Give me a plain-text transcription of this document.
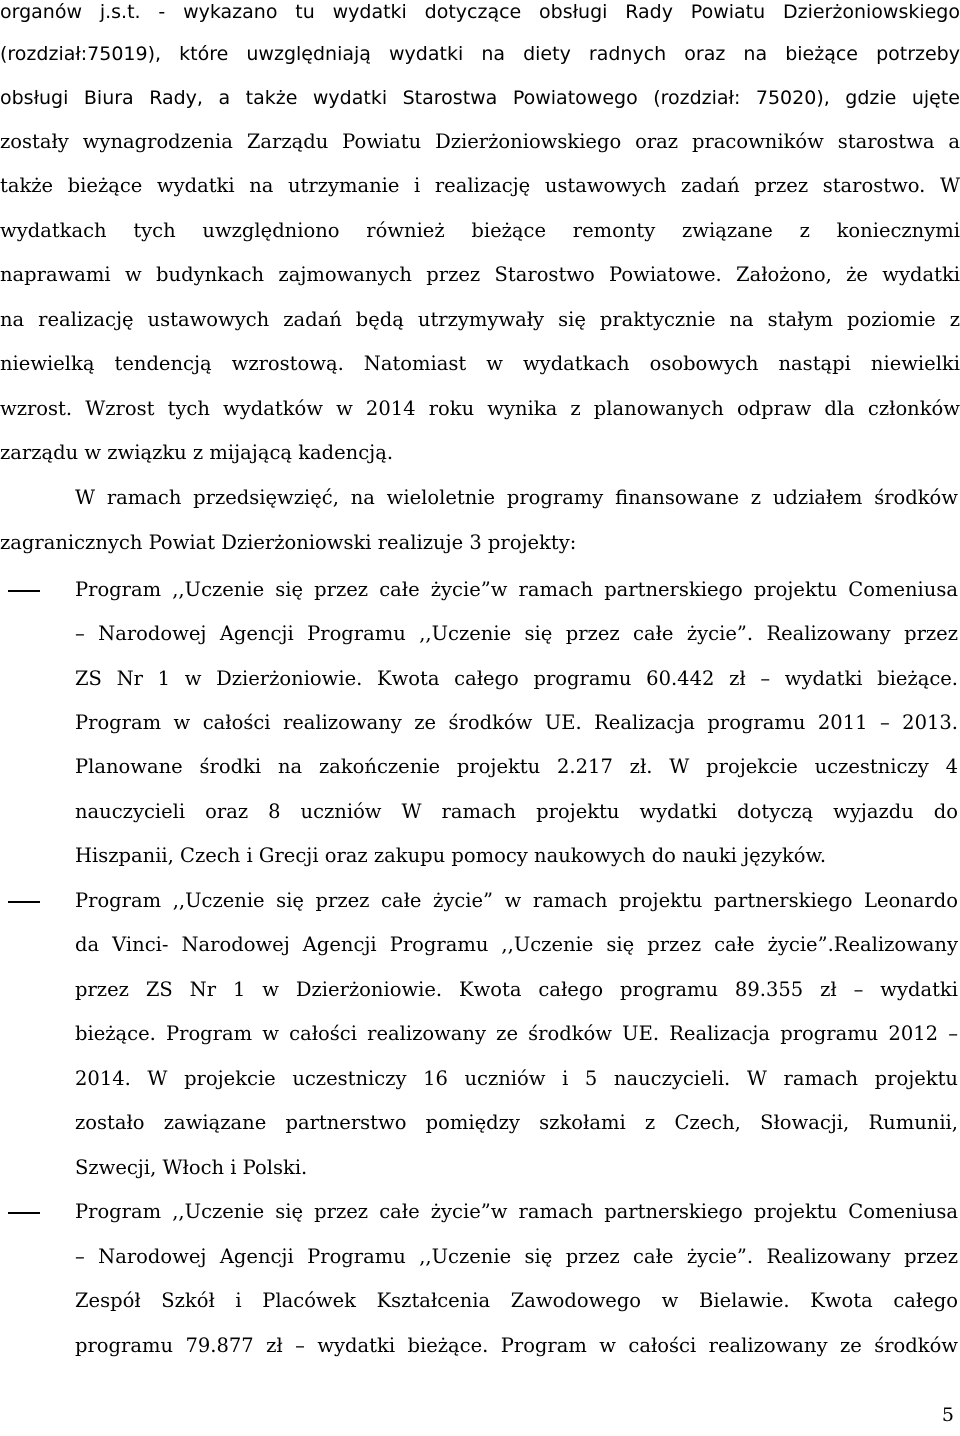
organów j.s.t. - wykazano tu wydatki dotyczące obsługi Rady Powiatu Dzierżoniowskiego

(rozdział:75019), które uwzględniają wydatki na diety radnych oraz na bieżące potrzeby

obsługi Biura Rady, a także wydatki Starostwa Powiatowego (rozdział: 75020), gdzie ujęte

zostały wynagrodzenia Zarządu Powiatu Dzierżoniowskiego oraz pracowników starostwa a

także bieżące wydatki na utrzymanie i realizację ustawowych zadań przez starostwo. W

wydatkach tych uwzględniono również bieżące remonty związane z koniecznymi

naprawami w budynkach zajmowanych przez Starostwo Powiatowe. Założono, że wydatki

na realizację ustawowych zadań będą utrzymywały się praktycznie na stałym poziomie z

niewielką tendencją wzrostową. Natomiast w wydatkach osobowych nastąpi niewielki

wzrost. Wzrost tych wydatków w 2014 roku wynika z planowanych odpraw dla członków

zarządu w związku z mijającą kadencją.

W ramach przedsięwzięć, na wieloletnie programy finansowane z udziałem środków

zagranicznych Powiat Dzierżoniowski realizuje 3 projekty:

Program ,,Uczenie się przez całe życie”w ramach partnerskiego projektu Comeniusa

– Narodowej Agencji Programu ,,Uczenie się przez całe życie”. Realizowany przez

ZS Nr 1 w Dzierżoniowie. Kwota całego programu 60.442 zł – wydatki bieżące.

Program w całości realizowany ze środków UE. Realizacja programu 2011 – 2013.

Planowane środki na zakończenie projektu 2.217 zł. W projekcie uczestniczy 4

nauczycieli oraz 8 uczniów W ramach projektu wydatki dotyczą wyjazdu do

Hiszpanii, Czech i Grecji oraz zakupu pomocy naukowych do nauki języków.

Program ,,Uczenie się przez całe życie” w ramach projektu partnerskiego Leonardo

da Vinci- Narodowej Agencji Programu ,,Uczenie się przez całe życie”.Realizowany

przez ZS Nr 1 w Dzierżoniowie. Kwota całego programu 89.355 zł – wydatki

bieżące. Program w całości realizowany ze środków UE. Realizacja programu 2012 –

2014. W projekcie uczestniczy 16 uczniów i 5 nauczycieli. W ramach projektu

zostało zawiązane partnerstwo pomiędzy szkołami z Czech, Słowacji, Rumunii,

Szwecji, Włoch i Polski.

Program ,,Uczenie się przez całe życie”w ramach partnerskiego projektu Comeniusa

– Narodowej Agencji Programu ,,Uczenie się przez całe życie”. Realizowany przez

Zespół Szkół i Placówek Kształcenia Zawodowego w Bielawie. Kwota całego

programu 79.877 zł – wydatki bieżące. Program w całości realizowany ze środków

5
